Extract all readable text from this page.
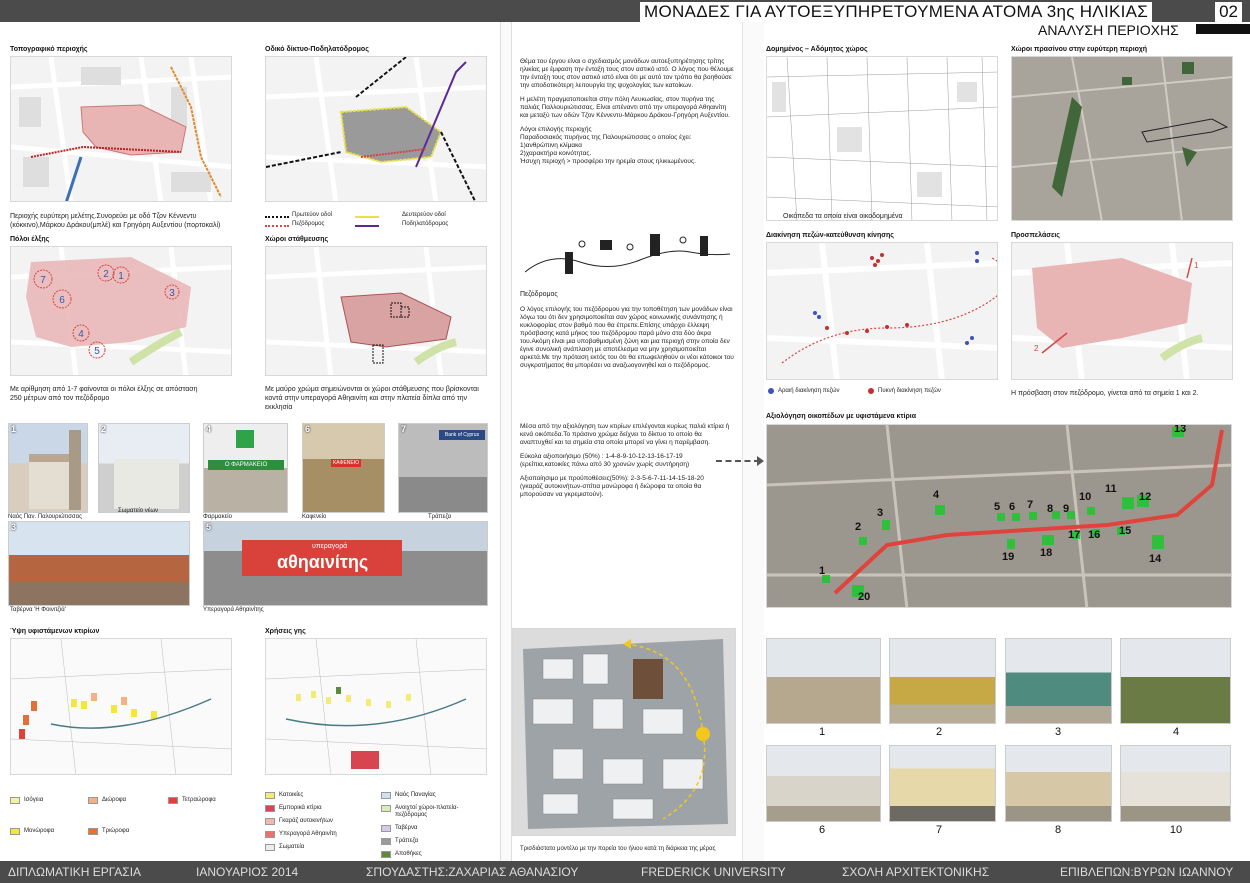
ΜΟΝΑΔΕΣ ΓΙΑ ΑΥΤΟΕΞΥΠΗΡΕΤΟΥΜΕΝΑ ΑΤΟΜΑ 3ης ΗΛΙΚΙΑΣ	02
ΑΝΑΛΥΣΗ ΠΕΡΙΟΧΗΣ
Τοπογραφικό περιοχής
Περιοχής ευρύτερη μελέτης.Συνορεύει με οδό Τζον Κέννεντυ (κόκκινο),Μάρκου Δράκου(μπλέ) και Γρηγόρη Αυξεντίου (πορτοκαλί)
Οδικό δίκτυο-Ποδηλατόδρομος
Πρωτεύον οδοί	Δευτερεύον οδοί
Πεζόδρομος	Ποδηλατόδρομος
Πόλοι έλξης
1
2
3
4
5
6
7
Με αρίθμηση από 1-7 φαίνονται οι πόλοι έλξης σε απόσταση 250 μέτρων από τον πεζόδρομο
Χώροι στάθμευσης
Με μαύρο χρώμα σημειώνονται οι χώροι στάθμευσης που βρίσκονται κοντά στην υπεραγορά Αθηαινίτη και στην πλατεία δίπλα από την εκκλησία
1
Ναός Παν. Παλουριώτισσας
2
Σωματείο νέων
4
Ο ΦΑΡΜΑΚΕΙΟ
Φαρμακείο
6
ΚΑΦΕΝΕΙΟ
Καφενείο
7
Bank of Cyprus
Τράπεζα
3
Ταβέρνα 'Η Φοινιτζιά'
5
υπεραγορά
αθηαινίτης
Υπεραγορά Αθηαινίτης
Ύψη υφιστάμενων κτιρίων
Ισόγεια	Διώροφα	Τετραώροφα
Μονώροφα	Τριώροφα
Χρήσεις γης
Κατοικίες
Εμπορικά κτίρια
Γκαράζ αυτοκινήτων
Υπεραγορά Αθηαινίτη
Σωματεία
Ναός Παναγίας
Ανοιχτοί χώροι-πλατεία-πεζόδρομος
Ταβέρνα
Τράπεζα
Αποθήκες

Θέμα του έργου είναι ο σχεδιασμός μονάδων αυτοεξυπηρέτησης τρίτης ηλικίας με έμφαση την ένταξη τους στον αστικό ιστό. Ο λόγος που θέλουμε την ένταξη τους στον αστικό ιστό είναι ότι με αυτό τον τρόπο θα βοηθούσε την αποδοτικότερη λειτουργία της ψυχολογίας των κατοίκων.

Η μελέτη πραγματοποιείται στην πόλη Λευκωσίας, στον πυρήνα της παλιάς Παλλουριώτισσας. Είναι απέναντι από την υπεραγορά Αθηαινίτη και μεταξύ των οδών Τζον Κέννεντυ-Μάρκου Δράκου-Γρηγόρη Αυξεντίου.

Λόγοι επιλογής περιοχής
Παραδοσιακός πυρήνας της Παλουριώτισσας ο οποίος έχει:
1)ανθρώπινη κλίμακα
2)χαρακτήρα κοινότητας.
Ήσυχη περιοχή > προσφέρει την ηρεμία στους ηλικιωμένους.
Πεζόδρομος
Ο λόγος επιλογής του πεζόδρομου για την τοποθέτηση των μονάδων είναι λόγω του ότι δεν χρησιμοποιείται σαν χώρος κοινωνικής συνάντησης ή κυκλοφορίας στον βαθμό που θα έπρεπε.Επίσης υπάρχει έλλειψη πρόσβασης κατά μήκος του πεζόδρομου παρά μόνο στα δύο άκρα του.Ακόμη είναι μια υποβαθμισμένη ζώνη και μια περιοχή στην οποία δεν έγινε συνολική ανάπλαση με αποτέλεσμα να μην χρησιμοποιείται αρκετά.Με την πρόταση εκτός του ότι θα επωφεληθούν οι νέοι κάτοικοι του συγκροτήματος θα μπορέσει να αναζωογονηθεί και ο πεζόδρομος.

Μέσα από την αξιολόγηση των κτιρίων επιλέγονται κυρίως παλιά κτίρια ή κενά οικόπεδα.Το πράσινο χρώμα δείχνει το δίκτυο το οποίο θα αναπτυχθεί και τα σημεία στα οποία μπορεί να γίνει η παρέμβαση.

Εύκολα αξιοποιήσιμο (50%) : 1-4-8-9-10-12-13-16-17-19

(ερείπια,κατοικίες πάνω από 30 χρονών χωρίς συντήρηση)

Αξιοποίησιμο με προϋποθέσεις(50%): 2-3-5-6-7-11-14-15-18-20
(γκαράζ αυτοκινήτων-σπίτια μονώροφα ή διώροφα τα οποία θα μπορούσαν να γκρεμιστούν).
Τρισδιάστατο μοντέλο με την πορεία του ήλιου κατά τη διάρκεια της μέρας
Δομημένος – Αδόμητος χώρος
Οικόπεδα τα οποία είναι οικοδομημένα
Χώροι πρασίνου στην ευρύτερη περιοχή
Διακίνηση πεζών-κατεύθυνση κίνησης
Αραιή διακίνηση πεζών	Πυκνή διακίνηση πεζών
Προσπελάσεις
1
2
Η πρόσβαση στον πεζόδρομο, γίνεται από τα σημεία 1 και 2.
Αξιολόγηση οικοπέδων με υφιστάμενα κτίρια
13
4
3
2
1
20
5 6 7 8 9
10
11
12
19 18
17 16 15
14
1	2	3	4
6	7	8	10
ΔΙΠΛΩΜΑΤΙΚΗ ΕΡΓΑΣΙΑ	ΙΑΝΟΥΑΡΙΟΣ 2014	ΣΠΟΥΔΑΣΤΗΣ:ΖΑΧΑΡΙΑΣ ΑΘΑΝΑΣΙΟΥ	FREDERICK UNIVERSITY	ΣΧΟΛΗ ΑΡΧΙΤΕΚΤΟΝΙΚΗΣ	ΕΠΙΒΛΕΠΩΝ:ΒΥΡΩΝ ΙΩΑΝΝΟΥ
